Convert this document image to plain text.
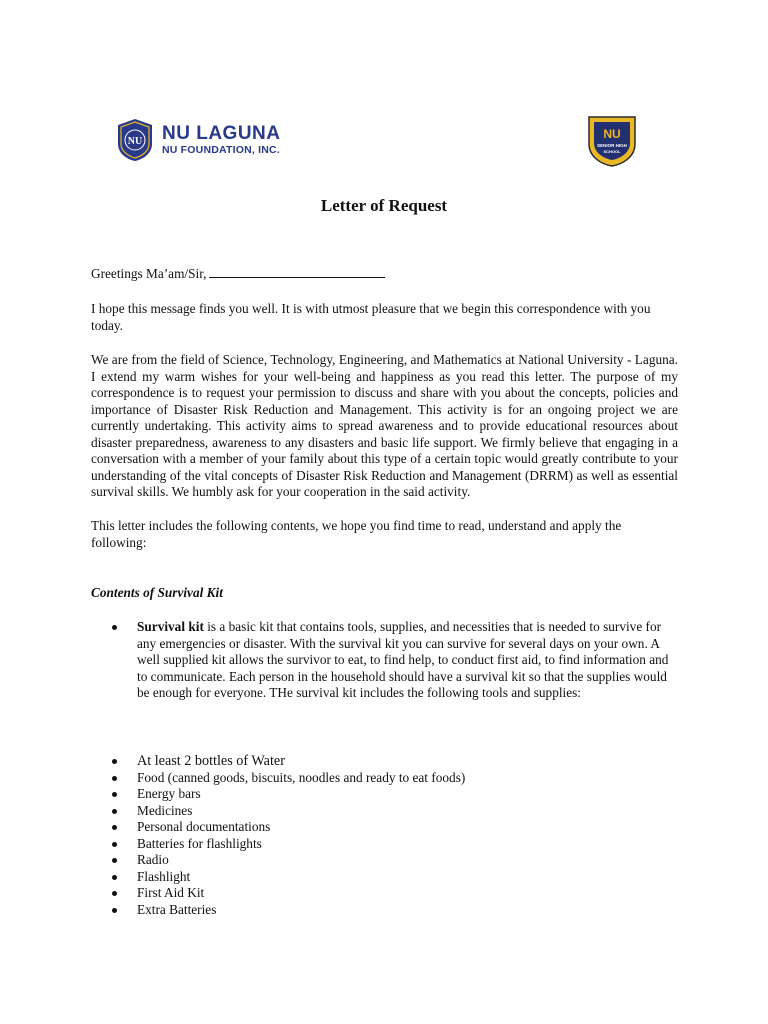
NU NU LAGUNA
NU FOUNDATION, INC.
NU
SENIOR HIGH
SCHOOL
Letter of Request
Greetings Ma’am/Sir,
I hope this message finds you well. It is with utmost pleasure that we begin this correspondence with you today.
We are from the field of Science, Technology, Engineering, and Mathematics at National University - Laguna. I extend my warm wishes for your well-being and happiness as you read this letter. The purpose of my correspondence is to request your permission to discuss and share with you about the concepts, policies and importance of Disaster Risk Reduction and Management. This activity is for an ongoing project we are currently undertaking. This activity aims to spread awareness and to provide educational resources about disaster preparedness, awareness to any disasters and basic life support. We firmly believe that engaging in a conversation with a member of your family about this type of a certain topic would greatly contribute to your understanding of the vital concepts of Disaster Risk Reduction and Management (DRRM) as well as essential survival skills. We humbly ask for your cooperation in the said activity.
This letter includes the following contents, we hope you find time to read, understand and apply the following:
Contents of Survival Kit
Survival kit is a basic kit that contains tools, supplies, and necessities that is needed to survive for any emergencies or disaster. With the survival kit you can survive for several days on your own. A well supplied kit allows the survivor to eat, to find help, to conduct first aid, to find information and to communicate. Each person in the household should have a survival kit so that the supplies would be enough for everyone. THe survival kit includes the following tools and supplies:
At least 2 bottles of Water
Food (canned goods, biscuits, noodles and ready to eat foods)
Energy bars
Medicines
Personal documentations
Batteries for flashlights
Radio
Flashlight
First Aid Kit
Extra Batteries
